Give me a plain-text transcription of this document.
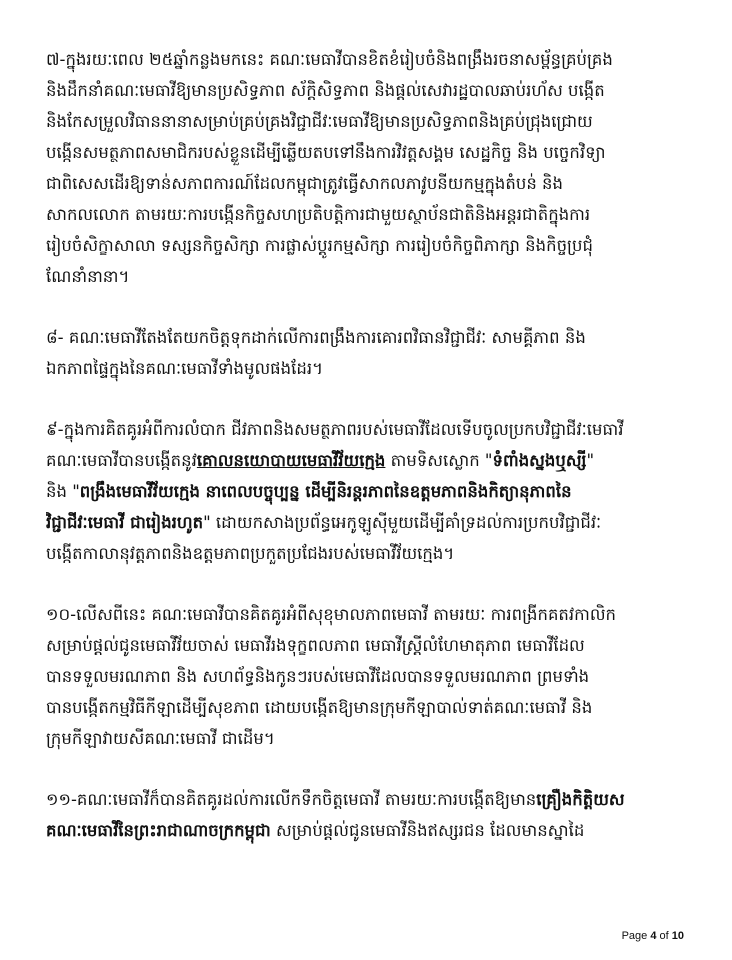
៧-ក្នុងរយៈពេល ២៥ឆ្នាំកន្លងមកនេះ គណៈមេធាវីបានខិតខំរៀបចំនិងពង្រឹងរចនាសម្ព័ន្ធគ្រប់គ្រង
និងដឹកនាំគណៈមេធាវីឱ្យមានប្រសិទ្ធភាព ស័ក្ដិសិទ្ធភាព និងផ្ដល់សេវារដ្ឋបាលឆាប់រហ័ស បង្កើត
និងកែសម្រួលវិធាននានាសម្រាប់គ្រប់គ្រងវិជ្ជាជីវៈមេធាវីឱ្យមានប្រសិទ្ធភាពនិងគ្រប់ជ្រុងជ្រោយ
បង្កើនសមត្ថភាពសមាជិករបស់ខ្លួនដើម្បីឆ្លើយតបទៅនឹងការវិវត្តសង្គម សេដ្ឋកិច្ច និង បច្ចេកវិទ្យា
ជាពិសេសដើរឱ្យទាន់សភាពការណ៍ដែលកម្ពុជាត្រូវធ្វើសាកលភាវូបនីយកម្មក្នុងតំបន់ និង
សាកលលោក តាមរយៈការបង្កើនកិច្ចសហប្រតិបត្តិការជាមួយស្ថាប័នជាតិនិងអន្តរជាតិក្នុងការ
រៀបចំសិក្ខាសាលា ទស្សនកិច្ចសិក្សា ការផ្លាស់ប្ដូរកម្មសិក្សា ការរៀបចំកិច្ចពិភាក្សា និងកិច្ចប្រជុំ
ណែនាំនានា។

៨- គណៈមេធាវីតែងតែយកចិត្តទុកដាក់លើការពង្រឹងការគោរពវិធានវិជ្ជាជីវៈ សាមគ្គីភាព និង
ឯកភាពផ្ទៃក្នុងនៃគណៈមេធាវីទាំងមូលផងដែរ។

៩-ក្នុងការគិតគូរអំពីការលំបាក ជីវភាពនិងសមត្ថភាពរបស់មេធាវីដែលទើបចូលប្រកបវិជ្ជាជីវៈមេធាវី
គណៈមេធាវីបានបង្កើតនូវគោលនយោបាយមេធាវីវ័យក្មេង តាមទិសស្លោក "ទំពាំងស្នងឬស្សី"
និង "ពង្រឹងមេធាវីវ័យក្មេង នាពេលបច្ចុប្បន្ន ដើម្បីនិរន្តរភាពនៃឧត្តមភាពនិងកិត្យានុភាពនៃ
វិជ្ជាជីវៈមេធាវី ជារៀងរហូត" ដោយកសាងប្រព័ន្ធអេកូឡូស៊ីមួយដើម្បីគាំទ្រដល់ការប្រកបវិជ្ជាជីវៈ
បង្កើតកាលានុវត្តភាពនិងឧត្តមភាពប្រកួតប្រជែងរបស់មេធាវីវ័យក្មេង។

១០-លើសពីនេះ គណៈមេធាវីបានគិតគូរអំពីសុខុមាលភាពមេធាវី តាមរយៈ ការពង្រីកគតវកាលិក
សម្រាប់ផ្ដល់ជូនមេធាវីវ័យចាស់ មេធាវីរងទុក្ខពលភាព មេធាវីស្ត្រីលំហែមាតុភាព មេធាវីដែល
បានទទួលមរណភាព និង សហព័ទ្ធនិងកូនៗរបស់មេធាវីដែលបានទទួលមរណភាព ព្រមទាំង
បានបង្កើតកម្មវិធីកីឡាដើម្បីសុខភាព ដោយបង្កើតឱ្យមានក្រុមកីឡាបាល់ទាត់គណៈមេធាវី និង
ក្រុមកីឡាវាយសីគណៈមេធាវី ជាដើម។

១១-គណៈមេធាវីក៏បានគិតគូរដល់ការលើកទឹកចិត្តមេធាវី តាមរយៈការបង្កើតឱ្យមានគ្រឿងកិត្តិយស
គណៈមេធាវីនៃព្រះរាជាណាចក្រកម្ពុជា សម្រាប់ផ្ដល់ជូនមេធាវីនិងឥស្សរជន ដែលមានស្នាដៃ

Page 4 of 10
